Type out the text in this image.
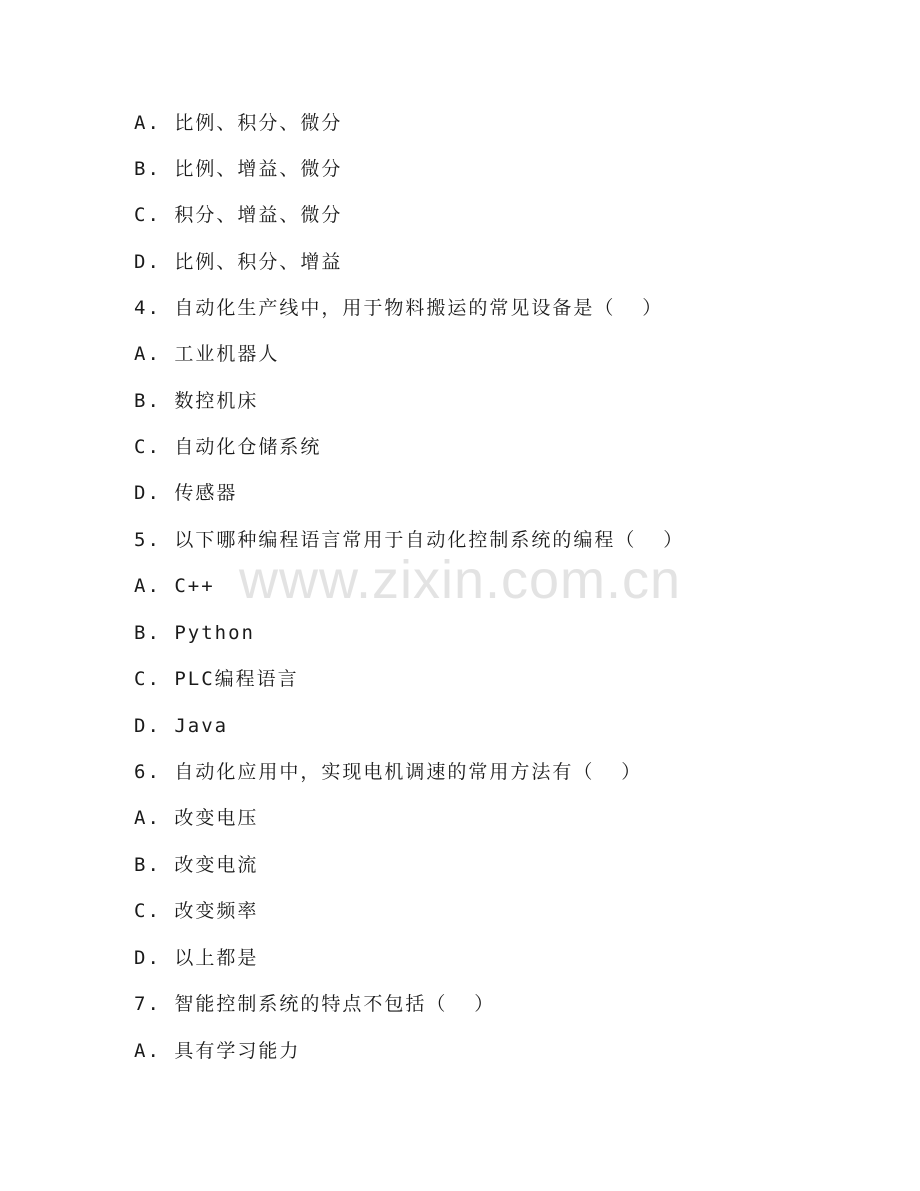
www.zixin.com.cn
A. 比例、积分、微分
B. 比例、增益、微分
C. 积分、增益、微分
D. 比例、积分、增益
4. 自动化生产线中，用于物料搬运的常见设备是（  ）
A. 工业机器人
B. 数控机床
C. 自动化仓储系统
D. 传感器
5. 以下哪种编程语言常用于自动化控制系统的编程（  ）
A. C++
B. Python
C. PLC编程语言
D. Java
6. 自动化应用中，实现电机调速的常用方法有（  ）
A. 改变电压
B. 改变电流
C. 改变频率
D. 以上都是
7. 智能控制系统的特点不包括（  ）
A. 具有学习能力
